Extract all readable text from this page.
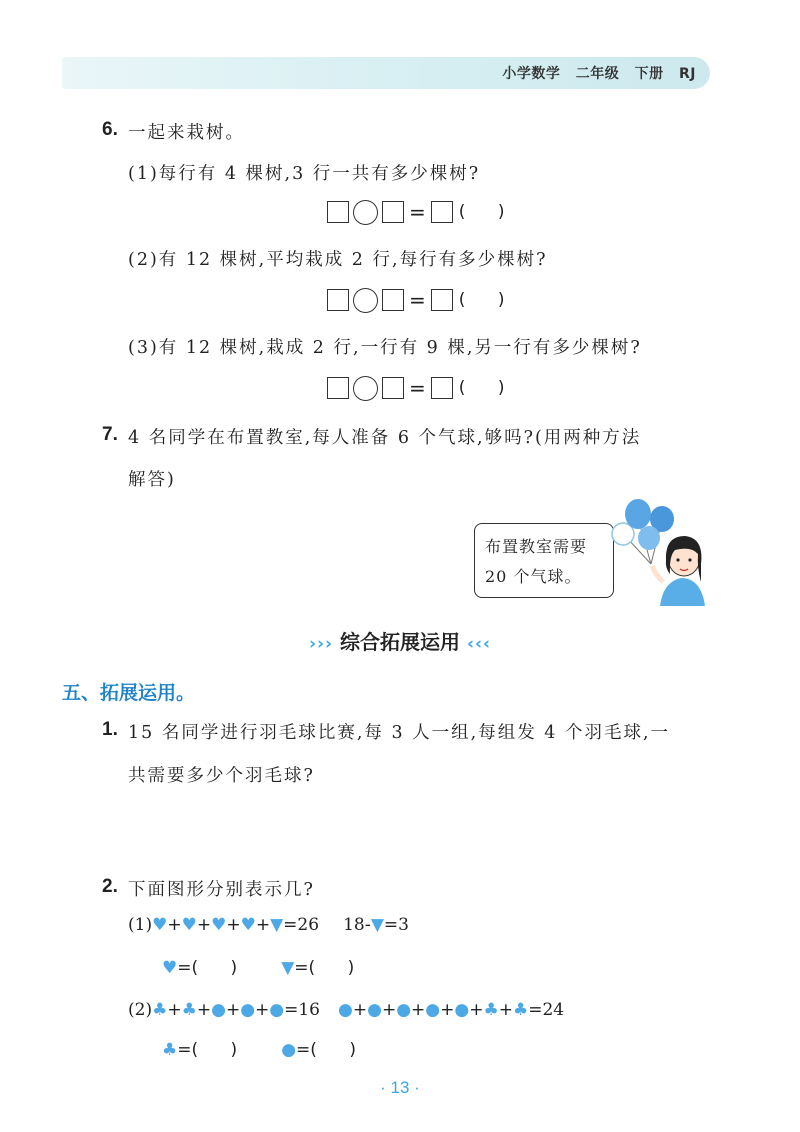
小学数学 二年级 下册 RJ
6. 一起来栽树。
(1)每行有 4 棵树,3 行一共有多少棵树?
= (      )
(2)有 12 棵树,平均栽成 2 行,每行有多少棵树?
= (      )
(3)有 12 棵树,栽成 2 行,一行有 9 棵,另一行有多少棵树?
= (      )
7. 4 名同学在布置教室,每人准备 6 个气球,够吗?(用两种方法
解答)
布置教室需要
20 个气球。
››› 综合拓展运用 ‹‹‹
五、拓展运用。
1. 15 名同学进行羽毛球比赛,每 3 人一组,每组发 4 个羽毛球,一
共需要多少个羽毛球?
2. 下面图形分别表示几?
(1) ♥ + ♥ + ♥ + ♥ + ▼ =26 18 - ▼ =3
♥ =(      )	▼ =(      )
(2) ♣ + ♣ + ● + ● + ● =16 ● + ● + ● + ● + ● + ♣ + ♣ =24
♣ =(      )	● =(      )
· 13 ·
